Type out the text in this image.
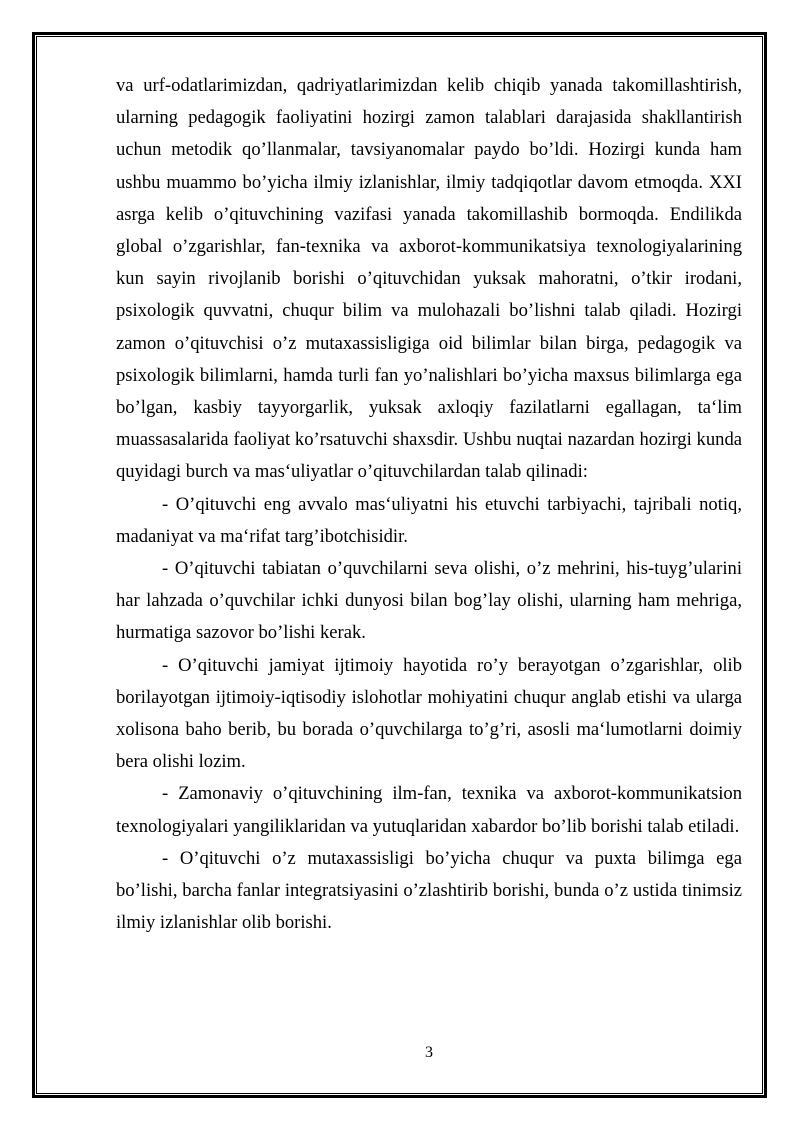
va urf-odatlarimizdan, qadriyatlarimizdan kelib chiqib yanada takomillashtirish, ularning pedagogik faoliyatini hozirgi zamon talablari darajasida shakllantirish uchun metodik qo’llanmalar, tavsiyanomalar paydo bo’ldi. Hozirgi kunda ham ushbu muammo bo’yicha ilmiy izlanishlar, ilmiy tadqiqotlar davom etmoqda. XXI asrga kelib o’qituvchining vazifasi yanada takomillashib bormoqda. Endilikda global o’zgarishlar, fan-texnika va axborot-kommunikatsiya texnologiyalarining kun sayin rivojlanib borishi o’qituvchidan yuksak mahoratni, o’tkir irodani, psixologik quvvatni, chuqur bilim va mulohazali bo’lishni talab qiladi. Hozirgi zamon o’qituvchisi o’z mutaxassisligiga oid bilimlar bilan birga, pedagogik va psixologik bilimlarni, hamda turli fan yo’nalishlari bo’yicha maxsus bilimlarga ega bo’lgan, kasbiy tayyorgarlik, yuksak axloqiy fazilatlarni egallagan, ta‘lim muassasalarida faoliyat ko’rsatuvchi shaxsdir. Ushbu nuqtai nazardan hozirgi kunda quyidagi burch va mas‘uliyatlar o’qituvchilardan talab qilinadi:

- O’qituvchi eng avvalo mas‘uliyatni his etuvchi tarbiyachi, tajribali notiq, madaniyat va ma‘rifat targ’ibotchisidir.

- O’qituvchi tabiatan o’quvchilarni seva olishi, o’z mehrini, his-tuyg’ularini har lahzada o’quvchilar ichki dunyosi bilan bog’lay olishi, ularning ham mehriga, hurmatiga sazovor bo’lishi kerak.

- O’qituvchi jamiyat ijtimoiy hayotida ro’y berayotgan o’zgarishlar, olib borilayotgan ijtimoiy-iqtisodiy islohotlar mohiyatini chuqur anglab etishi va ularga xolisona baho berib, bu borada o’quvchilarga to’g’ri, asosli ma‘lumotlarni doimiy bera olishi lozim.

- Zamonaviy o’qituvchining ilm-fan, texnika va axborot-kommunikatsion texnologiyalari yangiliklaridan va yutuqlaridan xabardor bo’lib borishi talab etiladi.

- O’qituvchi o’z mutaxassisligi bo’yicha chuqur va puxta bilimga ega bo’lishi, barcha fanlar integratsiyasini o’zlashtirib borishi, bunda o’z ustida tinimsiz ilmiy izlanishlar olib borishi.

3
